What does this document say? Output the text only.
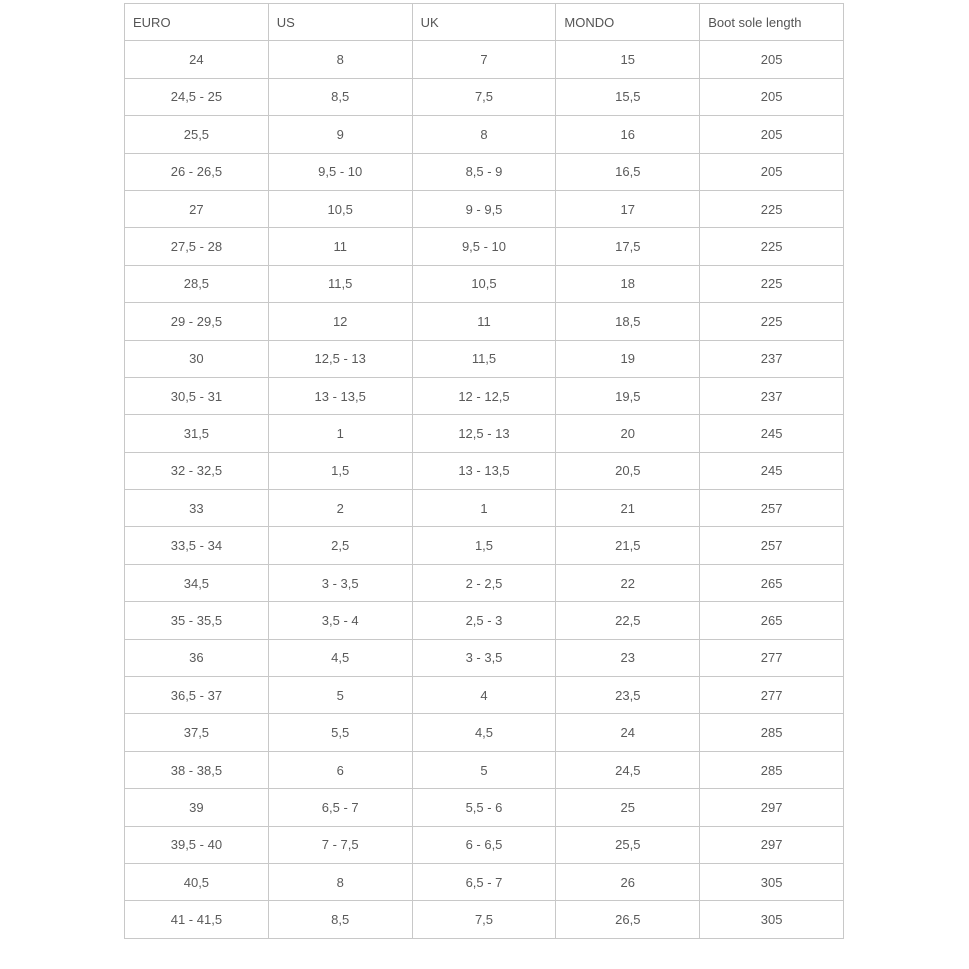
EURO	US	UK	MONDO	Boot sole length
24	8	7	15	205
24,5 - 25	8,5	7,5	15,5	205
25,5	9	8	16	205
26 - 26,5	9,5 - 10	8,5 - 9	16,5	205
27	10,5	9 - 9,5	17	225
27,5 - 28	11	9,5 - 10	17,5	225
28,5	11,5	10,5	18	225
29 - 29,5	12	11	18,5	225
30	12,5 - 13	11,5	19	237
30,5 - 31	13 - 13,5	12 - 12,5	19,5	237
31,5	1	12,5 - 13	20	245
32 - 32,5	1,5	13 - 13,5	20,5	245
33	2	1	21	257
33,5 - 34	2,5	1,5	21,5	257
34,5	3 - 3,5	2 - 2,5	22	265
35 - 35,5	3,5 - 4	2,5 - 3	22,5	265
36	4,5	3 - 3,5	23	277
36,5 - 37	5	4	23,5	277
37,5	5,5	4,5	24	285
38 - 38,5	6	5	24,5	285
39	6,5 - 7	5,5 - 6	25	297
39,5 - 40	7 - 7,5	6 - 6,5	25,5	297
40,5	8	6,5 - 7	26	305
41 - 41,5	8,5	7,5	26,5	305
